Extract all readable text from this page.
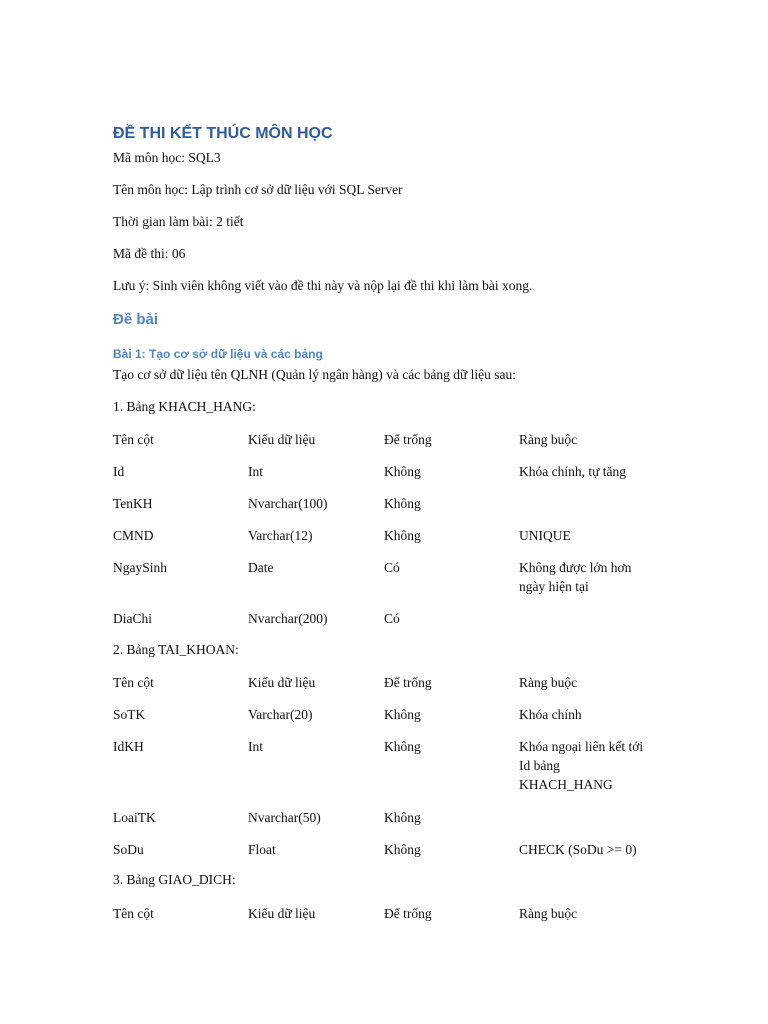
ĐỀ THI KẾT THÚC MÔN HỌC
Mã môn học: SQL3
Tên môn học: Lập trình cơ sở dữ liệu với SQL Server
Thời gian làm bài: 2 tiết
Mã đề thi: 06
Lưu ý: Sinh viên không viết vào đề thi này và nộp lại đề thi khi làm bài xong.
Đề bài
Bài 1: Tạo cơ sở dữ liệu và các bảng
Tạo cơ sở dữ liệu tên QLNH (Quản lý ngân hàng) và các bảng dữ liệu sau:
1. Bảng KHACH_HANG:
Tên cột	Kiểu dữ liệu	Để trống	Ràng buộc
Id	Int	Không	Khóa chính, tự tăng
TenKH	Nvarchar(100)	Không
CMND	Varchar(12)	Không	UNIQUE
NgaySinh	Date	Có	Không được lớn hơn ngày hiện tại
DiaChi	Nvarchar(200)	Có
2. Bảng TAI_KHOAN:
Tên cột	Kiểu dữ liệu	Để trống	Ràng buộc
SoTK	Varchar(20)	Không	Khóa chính
IdKH	Int	Không	Khóa ngoại liên kết tới Id bảng KHACH_HANG
LoaiTK	Nvarchar(50)	Không
SoDu	Float	Không	CHECK (SoDu >= 0)
3. Bảng GIAO_DICH:
Tên cột	Kiểu dữ liệu	Để trống	Ràng buộc
